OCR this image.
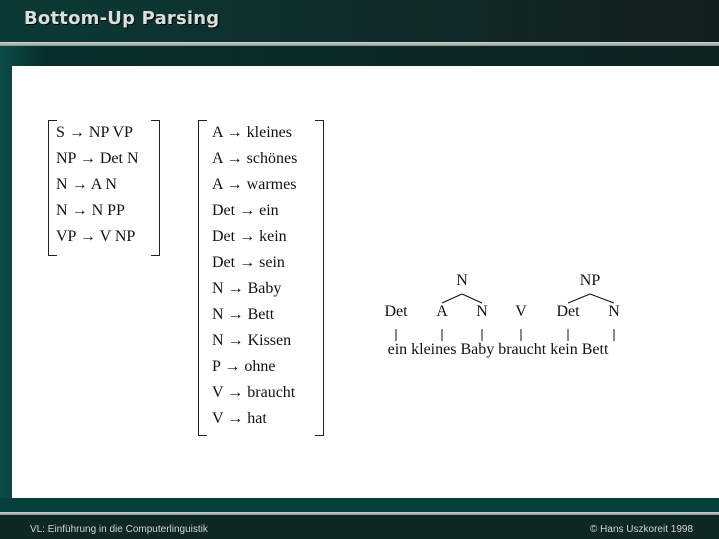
Bottom-Up Parsing
S → NP VP
NP → Det N
N → A N
N → N PP
VP → V NP
A → kleines
A → schönes
A → warmes
Det → ein
Det → kein
Det → sein
N → Baby
N → Bett
N → Kissen
P → ohne
V → braucht
V → hat
N	NP
Det A N V Det N
ein kleines Baby braucht kein Bett
VL: Einführung in die Computerlinguistik	© Hans Uszkoreit 1998
